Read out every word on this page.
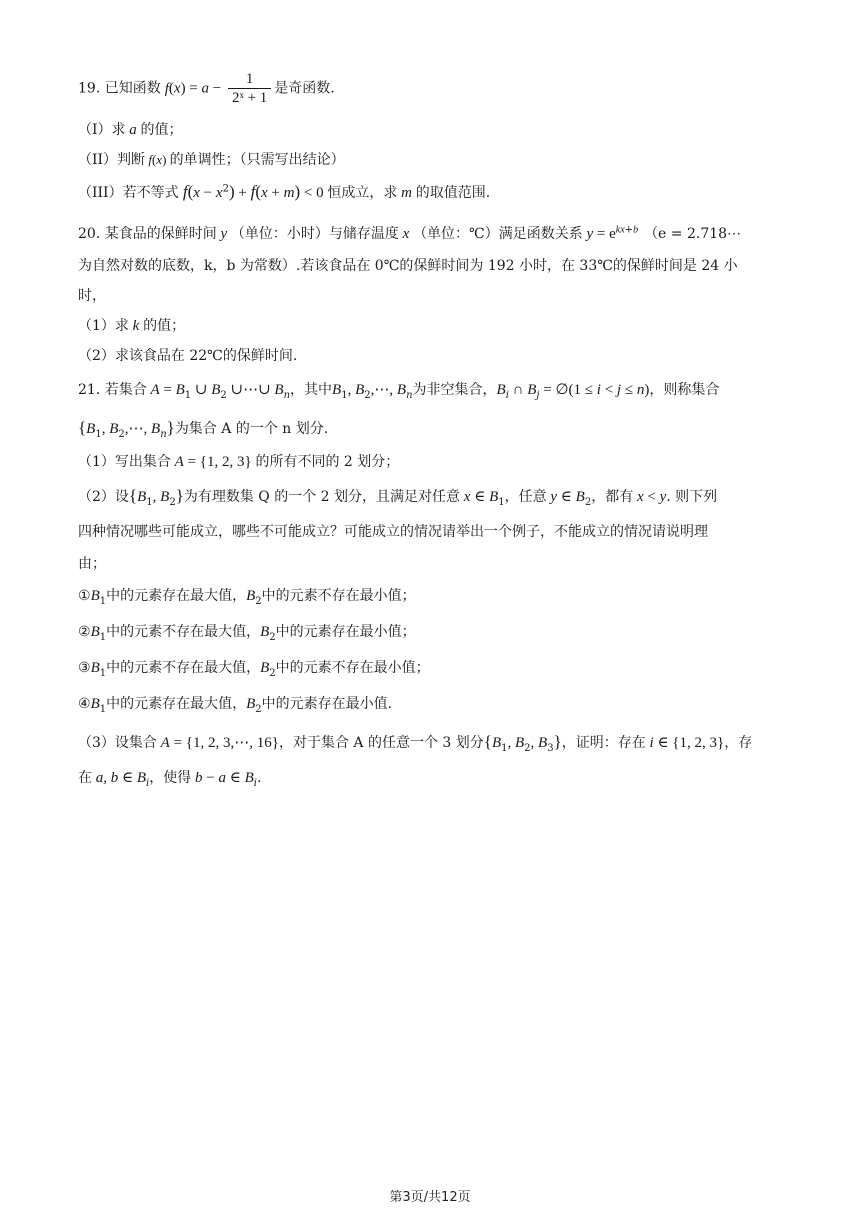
19. 已知函数 $f(x) = a - \frac{1}{\text{2ˣ + 1}}$ 是奇函数.
（I）求 a 的值；
（II）判断 f(x) 的单调性；（只需写出结论）
（III）若不等式 $f(x - x^2) + f(x + m) < 0$ 恒成立，求 m 的取值范围.
20. 某食品的保鲜时间 y （单位：小时）与储存温度 x （单位：℃）满足函数关系 $y = e^{kx+b}$ （e = 2.718⋯
为自然对数的底数，k，b 为常数）.若该食品在 0℃的保鲜时间为 192 小时，在 33℃的保鲜时间是 24 小
时，
（1）求 k 的值；
（2）求该食品在 22℃的保鲜时间.
21. 若集合 $A = B_1$ ∪ $B_2$ ∪⋯∪ $B_n$，其中$B_1$, $B_2,\cdots$, $B_n$为非空集合，$B_i$ ∩ $B_j$ = ∅(1 ≤ i < j ≤ n)，则称集合
{$B_1$, $B_2,\cdots$, $B_n$}为集合 A 的一个 n 划分.
（1）写出集合 A = {1, 2, 3} 的所有不同的 2 划分；
（2）设{$B_1$, $B_2$}为有理数集 Q 的一个 2 划分，且满足对任意 x ∈ $B_1$，任意 y ∈ $B_2$，都有 x < y. 则下列
四种情况哪些可能成立，哪些不可能成立？可能成立的情况请举出一个例子，不能成立的情况请说明理
由；
$①B_1$中的元素存在最大值，$B_2$中的元素不存在最小值；
$②B_1$中的元素不存在最大值，$B_2$中的元素存在最小值；
$③B_1$中的元素不存在最大值，$B_2$中的元素不存在最小值；
$④B_1$中的元素存在最大值，$B_2$中的元素存在最小值.
（3）设集合 A = {1, 2, 3,⋯, 16}，对于集合 A 的任意一个 3 划分{$B_1$, $B_2$, $B_3$}，证明：存在 i ∈ {1, 2, 3}，存
在 a, b ∈ $B_i$，使得 b − a ∈ $B_i$.
第3页/共12页
